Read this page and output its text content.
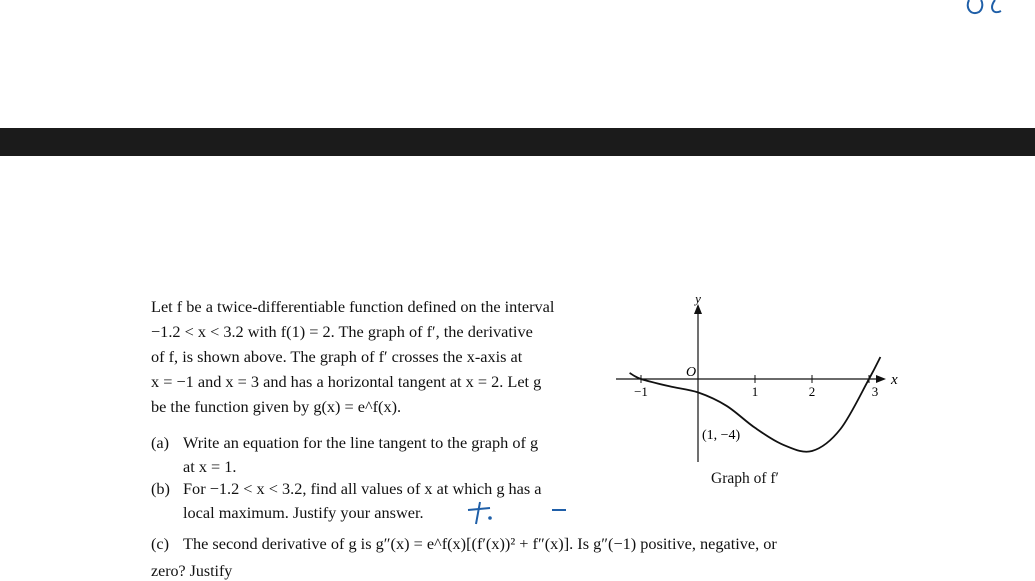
Let f be a twice-differentiable function defined on the interval
−1.2 < x < 3.2 with f(1) = 2. The graph of f′, the derivative
of f, is shown above. The graph of f′ crosses the x-axis at
x = −1 and x = 3 and has a horizontal tangent at x = 2. Let g
be the function given by g(x) = e^f(x).
(a) Write an equation for the line tangent to the graph of g
at x = 1.
(b) For −1.2 < x < 3.2, find all values of x at which g has a
local maximum. Justify your answer.
(c) The second derivative of g is g″(x) = e^f(x)[(f′(x))² + f″(x)]. Is g″(−1) positive, negative, or
zero? Justify
x
y
O
−1	1	2	3
(1, −4)
Graph of f′
